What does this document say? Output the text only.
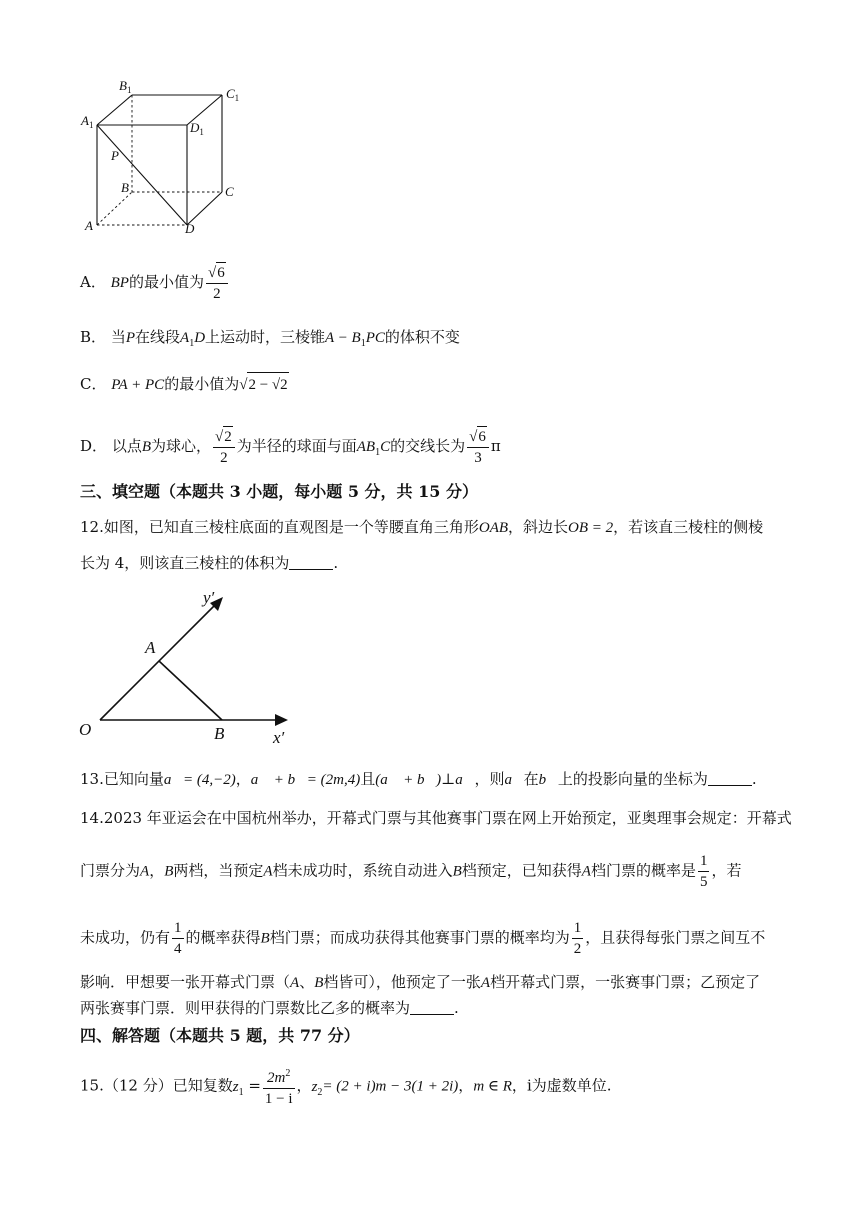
$B_1$	$C_1$
$A_1$	$D_1$
P
B	C
A	D
A． BP的最小值为 $\frac{√6}{2}$
B． 当P在线段$A_1D$上运动时，三棱锥$A - B_1PC$的体积不变
C． PA + PC的最小值为√2 − √2
D． 以点B为球心， $\frac{√2}{2}$ 为半径的球面与面$AB_1C$的交线长为 $\frac{√6}{3}$ π
三、填空题（本题共 3 小题，每小题 5 分，共 15 分）
12.如图，已知直三棱柱底面的直观图是一个等腰直角三角形OAB，斜边长OB = 2，若该直三棱柱的侧棱
长为 4，则该直三棱柱的体积为	.
y′
x′
O
A
B
13.已知向量a⃗= (4,−2)，a⃗ + b⃗= (2m,4)且(a⃗ + b⃗)⊥a⃗，则a⃗在b⃗上的投影向量的坐标为	.
14.2023 年亚运会在中国杭州举办，开幕式门票与其他赛事门票在网上开始预定，亚奥理事会规定：开幕式
门票分为A，B两档，当预定A档未成功时，系统自动进入B档预定，已知获得A档门票的概率是 $\frac{1}{5}$ ，若
未成功，仍有 $\frac{1}{4}$ 的概率获得B档门票；而成功获得其他赛事门票的概率均为 $\frac{1}{2}$ ，且获得每张门票之间互不
影响．甲想要一张开幕式门票（A、B档皆可），他预定了一张A档开幕式门票，一张赛事门票；乙预定了
两张赛事门票．则甲获得的门票数比乙多的概率为	.
四、解答题（本题共 5 题，共 77 分）
15.（12 分）已知复数$z_1 = \frac{2m^2}{1 - i}$ ，$z_2= (2 + i)m - 3(1 + 2i)$，m ∈ R，i为虚数单位.
